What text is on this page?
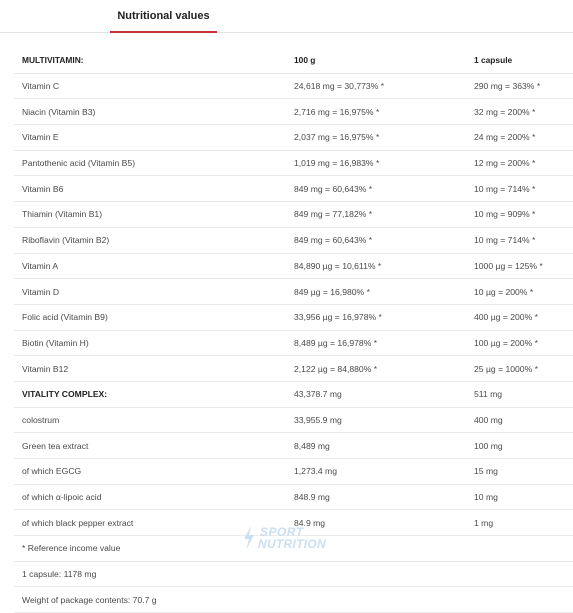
Nutritional values
MULTIVITAMIN:	100 g	1 capsule
Vitamin C	24,618 mg = 30,773% *	290 mg = 363% *
Niacin (Vitamin B3)	2,716 mg = 16,975% *	32 mg = 200% *
Vitamin E	2,037 mg = 16,975% *	24 mg = 200% *
Pantothenic acid (Vitamin B5)	1,019 mg = 16,983% *	12 mg = 200% *
Vitamin B6	849 mg = 60,643% *	10 mg = 714% *
Thiamin (Vitamin B1)	849 mg = 77,182% *	10 mg = 909% *
Riboflavin (Vitamin B2)	849 mg = 60,643% *	10 mg = 714% *
Vitamin A	84,890 µg = 10,611% *	1000 µg = 125% *
Vitamin D	849 µg = 16,980% *	10 µg = 200% *
Folic acid (Vitamin B9)	33,956 µg = 16,978% *	400 µg = 200% *
Biotin (Vitamin H)	8,489 µg = 16,978% *	100 µg = 200% *
Vitamin B12	2,122 µg = 84,880% *	25 µg = 1000% *
VITALITY COMPLEX:	43,378.7 mg	511 mg
colostrum	33,955.9 mg	400 mg
Green tea extract	8,489 mg	100 mg
of which EGCG	1,273.4 mg	15 mg
of which α-lipoic acid	848.9 mg	10 mg
of which black pepper extract	84.9 mg	1 mg
* Reference income value		
1 capsule: 1178 mg		
Weight of package contents: 70.7 g		
SPORT
NUTRITION
